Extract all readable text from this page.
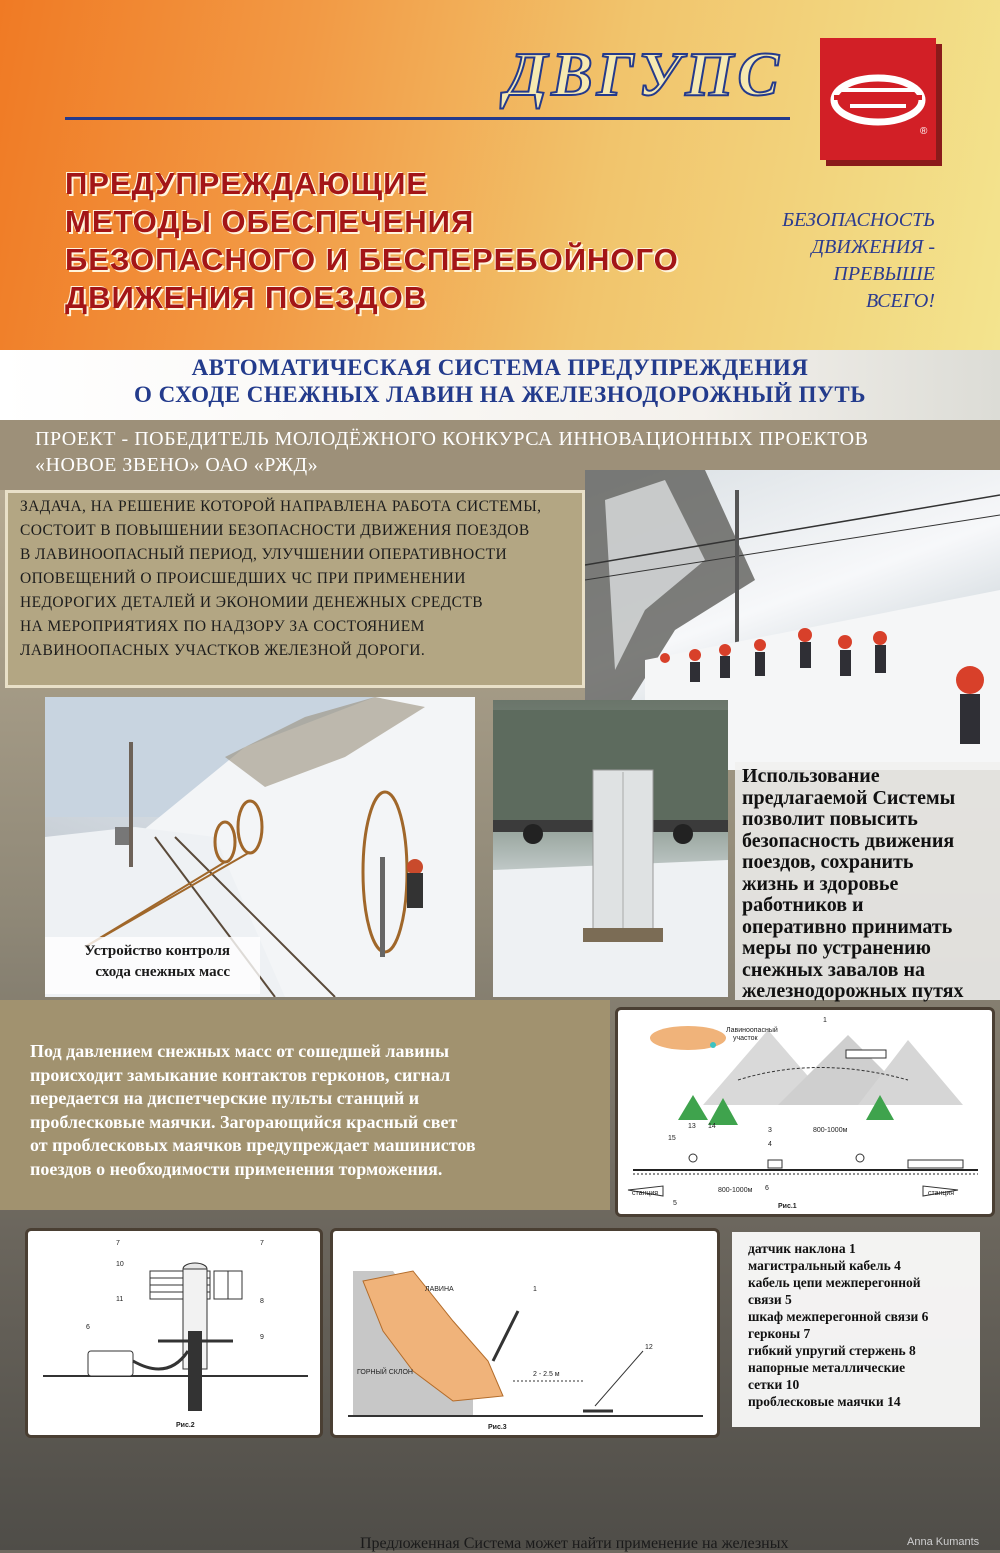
ДВГУПС
®
ПРЕДУПРЕЖДАЮЩИЕ
МЕТОДЫ ОБЕСПЕЧЕНИЯ
БЕЗОПАСНОГО И БЕСПЕРЕБОЙНОГО
ДВИЖЕНИЯ ПОЕЗДОВ
БЕЗОПАСНОСТЬ
ДВИЖЕНИЯ -
ПРЕВЫШЕ
ВСЕГО!
АВТОМАТИЧЕСКАЯ СИСТЕМА ПРЕДУПРЕЖДЕНИЯ
О СХОДЕ СНЕЖНЫХ ЛАВИН НА ЖЕЛЕЗНОДОРОЖНЫЙ ПУТЬ
ПРОЕКТ - ПОБЕДИТЕЛЬ МОЛОДЁЖНОГО КОНКУРСА ИННОВАЦИОННЫХ ПРОЕКТОВ
«НОВОЕ ЗВЕНО» ОАО «РЖД»
ЗАДАЧА, НА РЕШЕНИЕ КОТОРОЙ НАПРАВЛЕНА РАБОТА СИСТЕМЫ,
СОСТОИТ В ПОВЫШЕНИИ БЕЗОПАСНОСТИ ДВИЖЕНИЯ ПОЕЗДОВ
В ЛАВИНООПАСНЫЙ ПЕРИОД, УЛУЧШЕНИИ ОПЕРАТИВНОСТИ
ОПОВЕЩЕНИЙ О ПРОИСШЕДШИХ ЧС ПРИ ПРИМЕНЕНИИ
НЕДОРОГИХ ДЕТАЛЕЙ И ЭКОНОМИИ ДЕНЕЖНЫХ СРЕДСТВ
НА МЕРОПРИЯТИЯХ ПО НАДЗОРУ ЗА СОСТОЯНИЕМ
ЛАВИНООПАСНЫХ УЧАСТКОВ ЖЕЛЕЗНОЙ ДОРОГИ.
Устройство контроля
схода снежных масс
Использование
предлагаемой Системы
позволит повысить
безопасность движения
поездов, сохранить
жизнь и здоровье
работников и
оперативно принимать
меры по устранению
снежных завалов на
железнодорожных путях
Под давлением снежных масс от сошедшей лавины
происходит замыкание контактов герконов, сигнал
передается на диспетчерские пульты станций и
проблесковые маячки. Загорающийся красный свет
от проблесковых маячков предупреждает машинистов
поездов о необходимости применения торможения.
Лавиноопасный
участок
станция	станция
800-1000м
800-1000м
15
13 14
5
6
1
4
3
Рис.1
7	7
10
11	8
6
9
Рис.2
ЛАВИНА
ГОРНЫЙ СКЛОН	2 - 2.5 м
1
12
Рис.3
датчик наклона 1
магистральный кабель 4
кабель цепи межперегонной
связи 5
шкаф межперегонной связи 6
герконы 7
гибкий упругий стержень 8
напорные металлические
сетки 10
проблесковые маячки 14
Предложенная Система может найти применение на железных	Anna Kumants
